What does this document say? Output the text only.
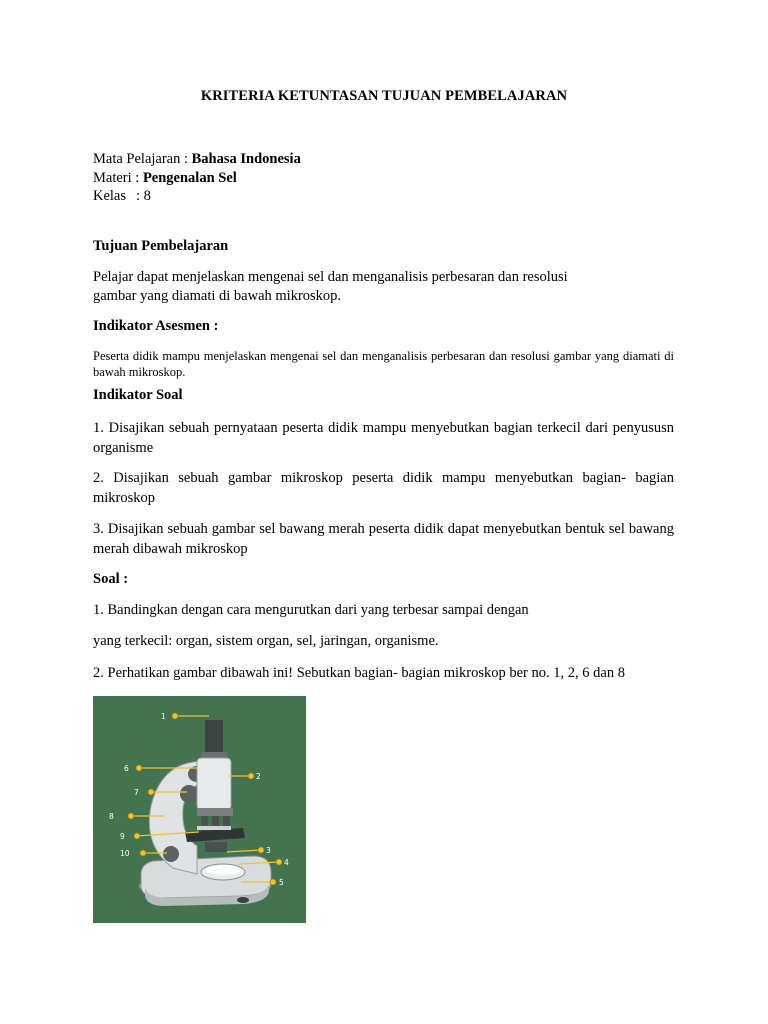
KRITERIA KETUNTASAN TUJUAN PEMBELAJARAN
Mata Pelajaran : Bahasa Indonesia
Materi : Pengenalan Sel
Kelas : 8
Tujuan Pembelajaran
Pelajar dapat menjelaskan mengenai sel dan menganalisis perbesaran dan resolusi
gambar yang diamati di bawah mikroskop.
Indikator Asesmen :
Peserta didik mampu menjelaskan mengenai sel dan menganalisis perbesaran dan resolusi gambar yang diamati di bawah mikroskop.
Indikator Soal
1. Disajikan sebuah pernyataan peserta didik mampu menyebutkan bagian terkecil dari penyususn organisme
2. Disajikan sebuah gambar mikroskop peserta didik mampu menyebutkan bagian- bagian mikroskop
3. Disajikan sebuah gambar sel bawang merah peserta didik dapat menyebutkan bentuk sel bawang merah dibawah mikroskop
Soal :
1. Bandingkan dengan cara mengurutkan dari yang terbesar sampai dengan
yang terkecil: organ, sistem organ, sel, jaringan, organisme.
2. Perhatikan gambar dibawah ini! Sebutkan bagian- bagian mikroskop ber no. 1, 2, 6 dan 8
1
2
3
4
5
6
7
8
9
10
